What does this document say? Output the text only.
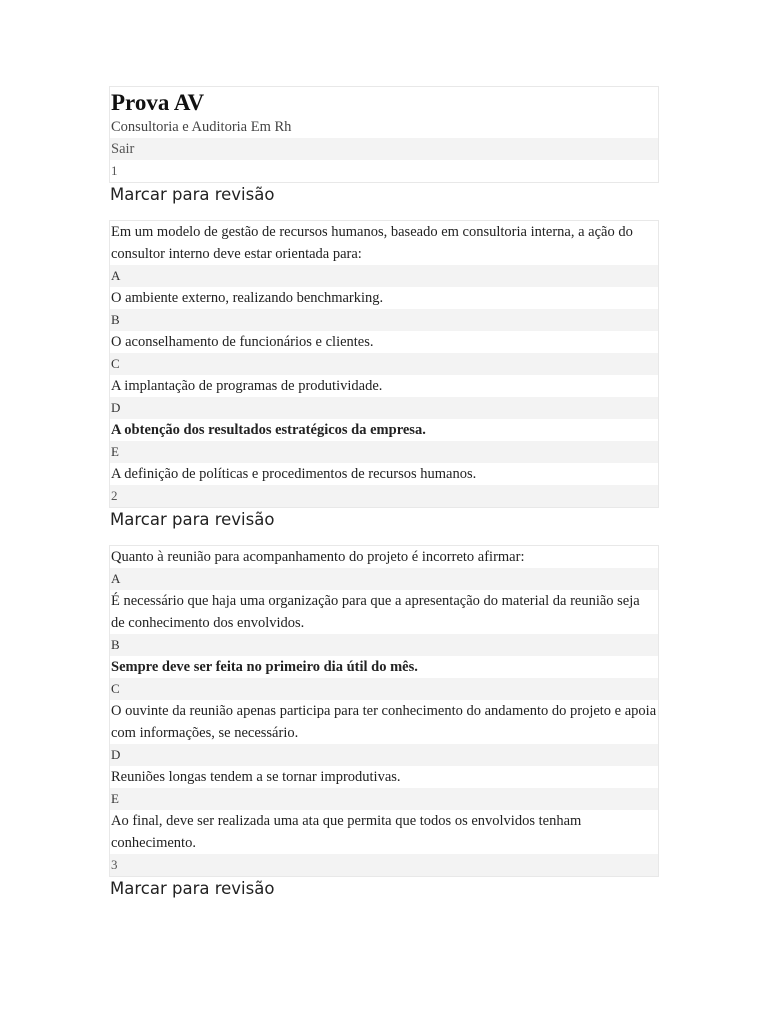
Prova AV
Consultoria e Auditoria Em Rh
Sair
1
Marcar para revisão
Em um modelo de gestão de recursos humanos, baseado em consultoria interna, a ação do consultor interno deve estar orientada para:
A
O ambiente externo, realizando benchmarking.
B
O aconselhamento de funcionários e clientes.
C
A implantação de programas de produtividade.
D
A obtenção dos resultados estratégicos da empresa.
E
A definição de políticas e procedimentos de recursos humanos.
2
Marcar para revisão
Quanto à reunião para acompanhamento do projeto é incorreto afirmar:
A
É necessário que haja uma organização para que a apresentação do material da reunião seja de conhecimento dos envolvidos.
B
Sempre deve ser feita no primeiro dia útil do mês.
C
O ouvinte da reunião apenas participa para ter conhecimento do andamento do projeto e apoia com informações, se necessário.
D
Reuniões longas tendem a se tornar improdutivas.
E
Ao final, deve ser realizada uma ata que permita que todos os envolvidos tenham conhecimento.
3
Marcar para revisão
